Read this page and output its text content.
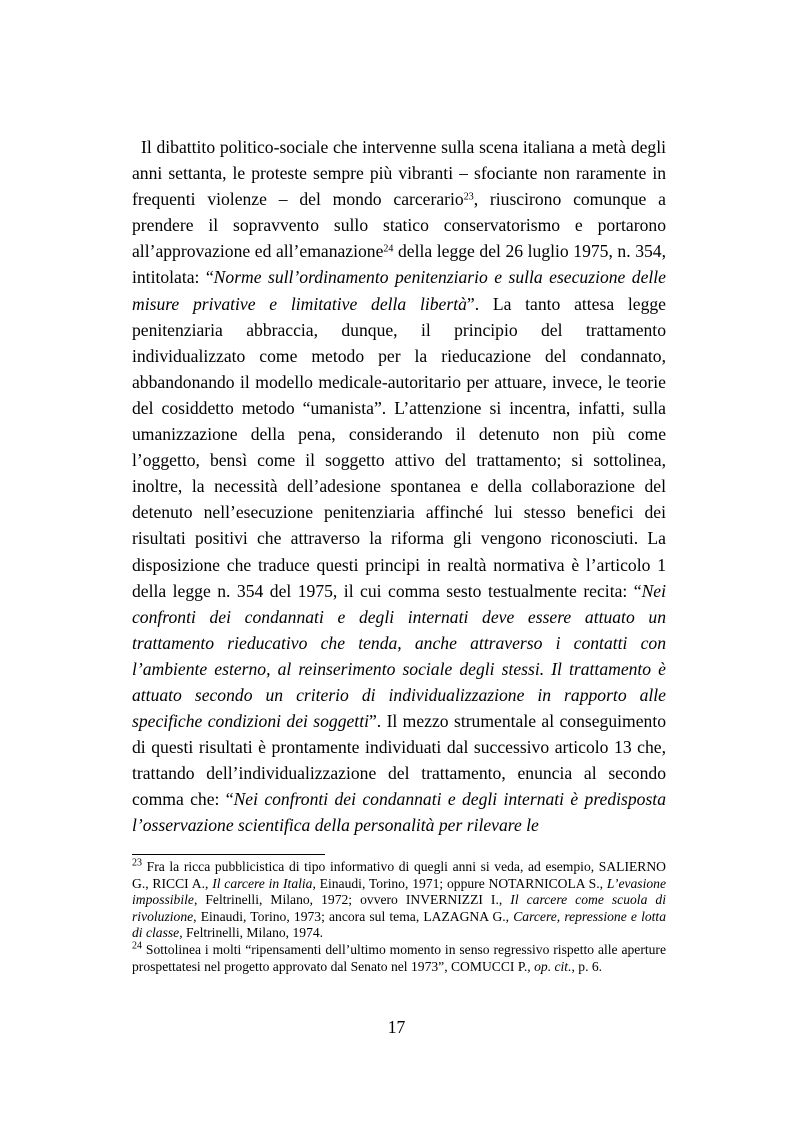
Il dibattito politico-sociale che intervenne sulla scena italiana a metà degli anni settanta, le proteste sempre più vibranti – sfociante non raramente in frequenti violenze – del mondo carcerario$^{23}$, riuscirono comunque a prendere il sopravvento sullo statico conservatorismo e portarono all’approvazione ed all’emanazione$^{24}$ della legge del 26 luglio 1975, n. 354, intitolata: “Norme sull’ordinamento penitenziario e sulla esecuzione delle misure privative e limitative della libertà”. La tanto attesa legge penitenziaria abbraccia, dunque, il principio del trattamento individualizzato come metodo per la rieducazione del condannato, abbandonando il modello medicale-autoritario per attuare, invece, le teorie del cosiddetto metodo “umanista”. L’attenzione si incentra, infatti, sulla umanizzazione della pena, considerando il detenuto non più come l’oggetto, bensì come il soggetto attivo del trattamento; si sottolinea, inoltre, la necessità dell’adesione spontanea e della collaborazione del detenuto nell’esecuzione penitenziaria affinché lui stesso benefici dei risultati positivi che attraverso la riforma gli vengono riconosciuti. La disposizione che traduce questi principi in realtà normativa è l’articolo 1 della legge n. 354 del 1975, il cui comma sesto testualmente recita: “Nei confronti dei condannati e degli internati deve essere attuato un trattamento rieducativo che tenda, anche attraverso i contatti con l’ambiente esterno, al reinserimento sociale degli stessi. Il trattamento è attuato secondo un criterio di individualizzazione in rapporto alle specifiche condizioni dei soggetti”. Il mezzo strumentale al conseguimento di questi risultati è prontamente individuati dal successivo articolo 13 che, trattando dell’individualizzazione del trattamento, enuncia al secondo comma che: “Nei confronti dei condannati e degli internati è predisposta l’osservazione scientifica della personalità per rilevare le

$^{23}$ Fra la ricca pubblicistica di tipo informativo di quegli anni si veda, ad esempio, SALIERNO G., RICCI A., Il carcere in Italia, Einaudi, Torino, 1971; oppure NOTARNICOLA S., L’evasione impossibile, Feltrinelli, Milano, 1972; ovvero INVERNIZZI I., Il carcere come scuola di rivoluzione, Einaudi, Torino, 1973; ancora sul tema, LAZAGNA G., Carcere, repressione e lotta di classe, Feltrinelli, Milano, 1974.

$^{24}$ Sottolinea i molti “ripensamenti dell’ultimo momento in senso regressivo rispetto alle aperture prospettatesi nel progetto approvato dal Senato nel 1973”, COMUCCI P., op. cit., p. 6.

17
